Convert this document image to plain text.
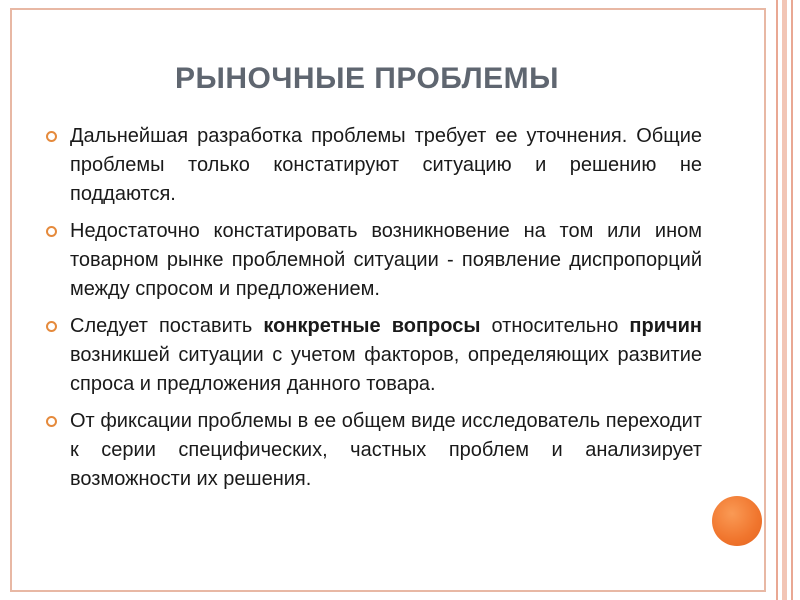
РЫНОЧНЫЕ ПРОБЛЕМЫ
Дальнейшая разработка проблемы требует ее уточнения. Общие проблемы только констатируют ситуацию и решению не поддаются.
Недостаточно констатировать возникновение на том или ином товарном рынке проблемной ситуации - появление диспропорций между спросом и предложением.
Следует поставить конкретные вопросы относительно причин возникшей ситуации с учетом факторов, определяющих развитие спроса и предложения данного товара.
От фиксации проблемы в ее общем виде исследователь переходит к серии специфических, частных проблем и анализирует возможности их решения.
